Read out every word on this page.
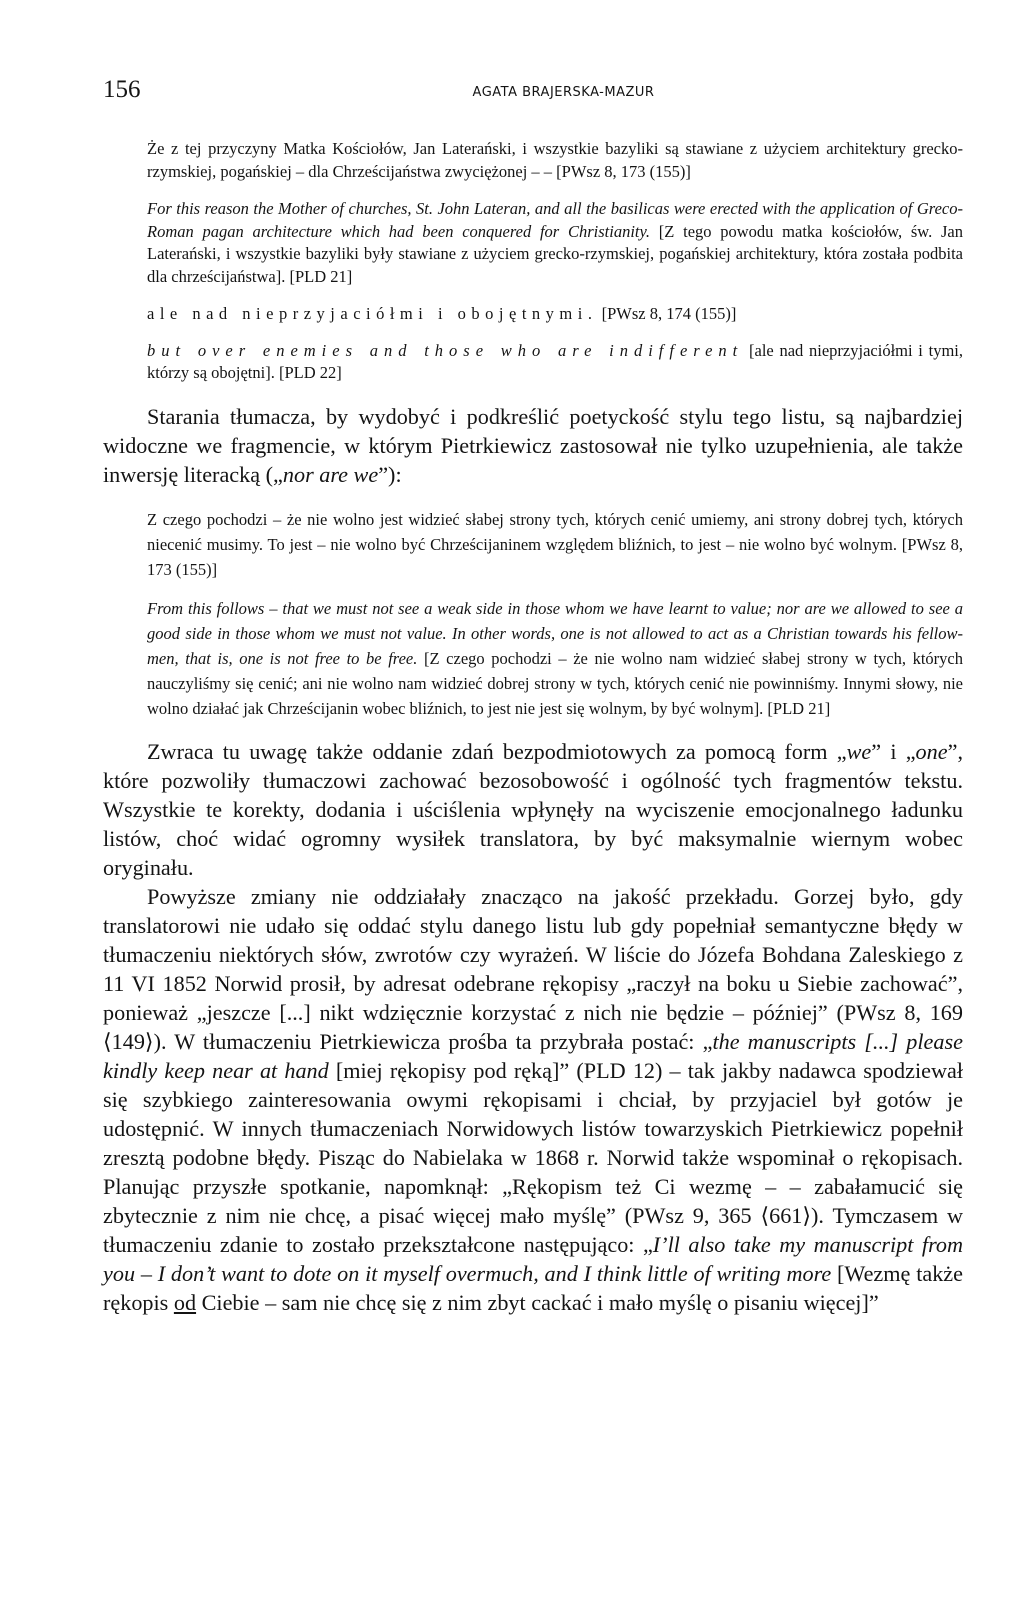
156	AGATA BRAJERSKA-MAZUR

Że z tej przyczyny Matka Kościołów, Jan Laterański, i wszystkie bazyliki są stawiane z użyciem architektury grecko-rzymskiej, pogańskiej – dla Chrześcijaństwa zwyciężonej – – [PWsz 8, 173 (155)]

For this reason the Mother of churches, St. John Lateran, and all the basilicas were erected with the application of Greco-Roman pagan architecture which had been conquered for Christianity. [Z tego powodu matka kościołów, św. Jan Laterański, i wszystkie bazyliki były stawiane z użyciem grecko-rzymskiej, pogańskiej architektury, która została podbita dla chrześcijaństwa]. [PLD 21]

ale nad nieprzyjaciółmi i obojętnymi. [PWsz 8, 174 (155)]

but over enemies and those who are indifferent [ale nad nieprzyjaciółmi i tymi, którzy są obojętni]. [PLD 22]

Starania tłumacza, by wydobyć i podkreślić poetyckość stylu tego listu, są najbardziej widoczne we fragmencie, w którym Pietrkiewicz zastosował nie tylko uzupełnienia, ale także inwersję literacką („nor are we”):

Z czego pochodzi – że nie wolno jest widzieć słabej strony tych, których cenić umiemy, ani strony dobrej tych, których niecenić musimy. To jest – nie wolno być Chrześcijaninem względem bliźnich, to jest – nie wolno być wolnym. [PWsz 8, 173 (155)]

From this follows – that we must not see a weak side in those whom we have learnt to value; nor are we allowed to see a good side in those whom we must not value. In other words, one is not allowed to act as a Christian towards his fellow-men, that is, one is not free to be free. [Z czego pochodzi – że nie wolno nam widzieć słabej strony w tych, których nauczyliśmy się cenić; ani nie wolno nam widzieć dobrej strony w tych, których cenić nie powinniśmy. Innymi słowy, nie wolno działać jak Chrześcijanin wobec bliźnich, to jest nie jest się wolnym, by być wolnym]. [PLD 21]

Zwraca tu uwagę także oddanie zdań bezpodmiotowych za pomocą form „we” i „one”, które pozwoliły tłumaczowi zachować bezosobowość i ogólność tych fragmentów tekstu. Wszystkie te korekty, dodania i uściślenia wpłynęły na wyciszenie emocjonalnego ładunku listów, choć widać ogromny wysiłek translatora, by być maksymalnie wiernym wobec oryginału.

Powyższe zmiany nie oddziałały znacząco na jakość przekładu. Gorzej było, gdy translatorowi nie udało się oddać stylu danego listu lub gdy popełniał semantyczne błędy w tłumaczeniu niektórych słów, zwrotów czy wyrażeń. W liście do Józefa Bohdana Zaleskiego z 11 VI 1852 Norwid prosił, by adresat odebrane rękopisy „raczył na boku u Siebie zachować”, ponieważ „jeszcze [...] nikt wdzięcznie korzystać z nich nie będzie – później” (PWsz 8, 169 ⟨149⟩). W tłumaczeniu Pietrkiewicza prośba ta przybrała postać: „the manuscripts [...] please kindly keep near at hand [miej rękopisy pod ręką]” (PLD 12) – tak jakby nadawca spodziewał się szybkiego zainteresowania owymi rękopisami i chciał, by przyjaciel był gotów je udostępnić. W innych tłumaczeniach Norwidowych listów towarzyskich Pietrkiewicz popełnił zresztą podobne błędy. Pisząc do Nabielaka w 1868 r. Norwid także wspominał o rękopisach. Planując przyszłe spotkanie, napomknął: „Rękopism też Ci wezmę – – zabałamucić się zbytecznie z nim nie chcę, a pisać więcej mało myślę” (PWsz 9, 365 ⟨661⟩). Tymczasem w tłumaczeniu zdanie to zostało przekształcone następująco: „I’ll also take my manuscript from you – I don’t want to dote on it myself overmuch, and I think little of writing more [Wezmę także rękopis od Ciebie – sam nie chcę się z nim zbyt cackać i mało myślę o pisaniu więcej]”
